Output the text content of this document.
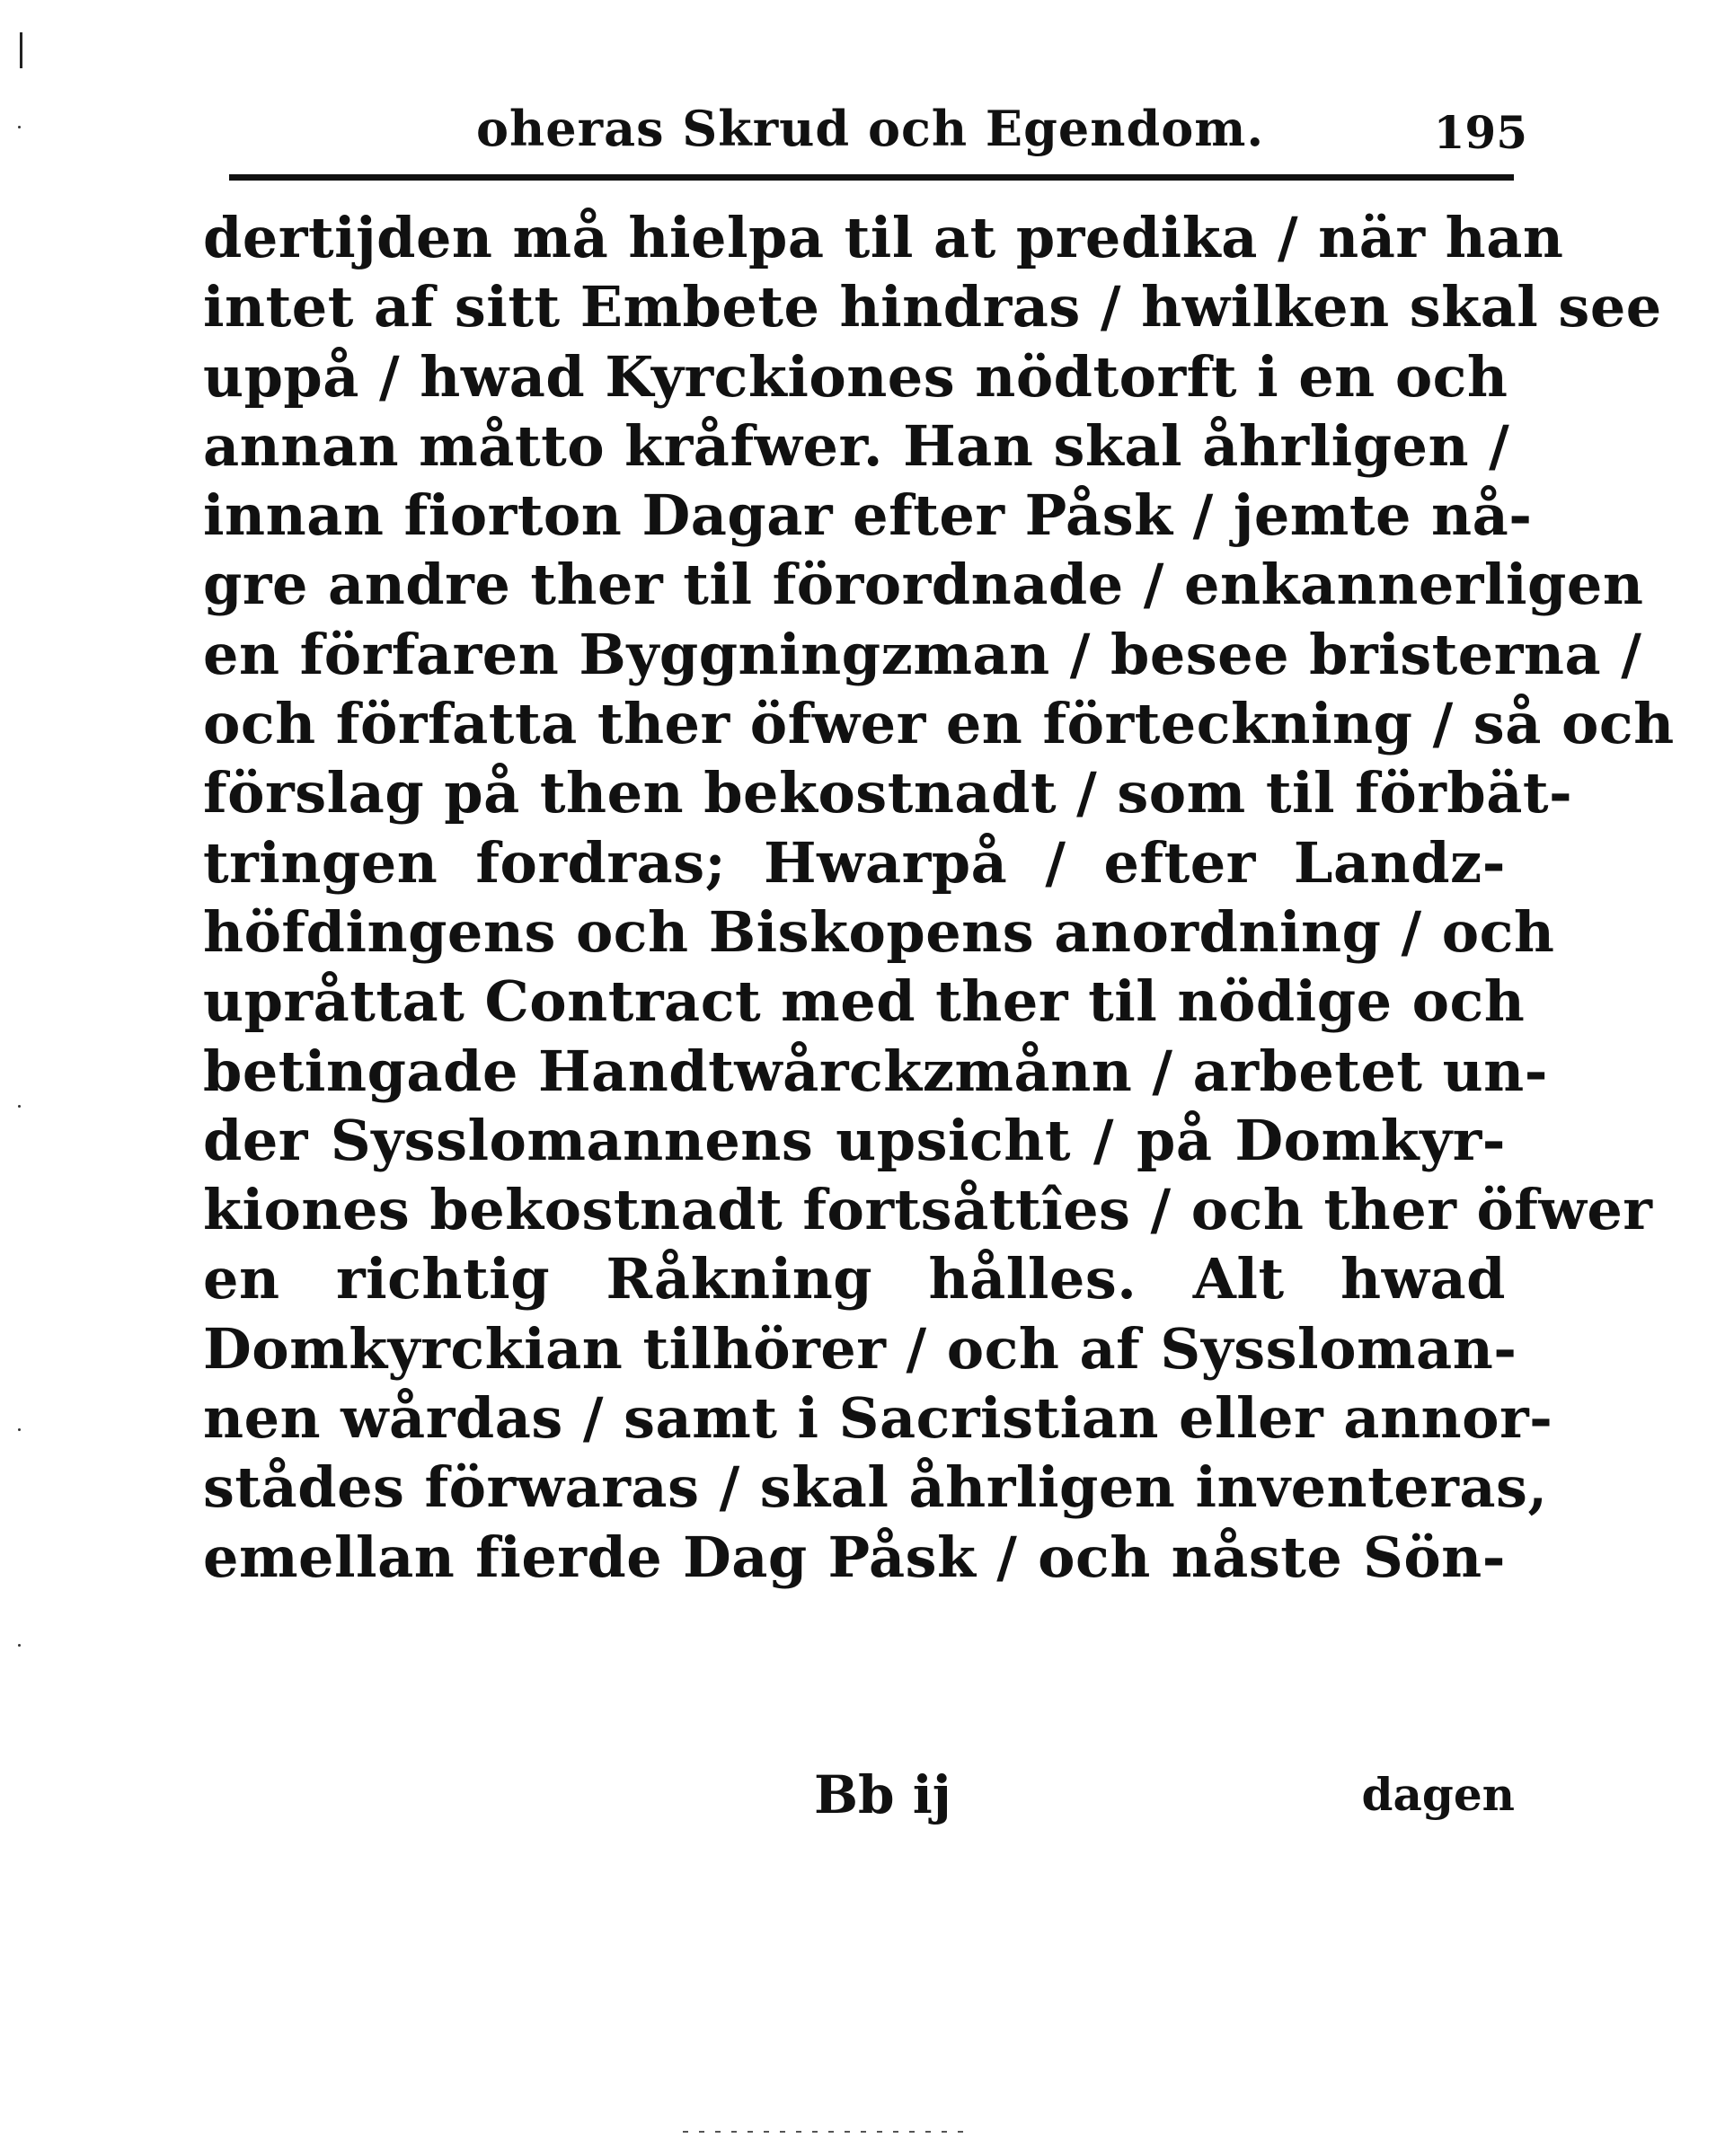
oheras Skrud och Egendom.	195
dertijden må hielpa til at predika / när han
intet af sitt Embete hindras / hwilken skal see
uppå / hwad Kyrckiones nödtorft i en och
annan måtto kråfwer. Han skal åhrligen /
innan fiorton Dagar efter Påsk / jemte nå-
gre andre ther til förordnade / enkannerligen
en förfaren Byggningzman / besee bristerna /
och författa ther öfwer en förteckning / så och
förslag på then bekostnadt / som til förbät-
tringen fordras; Hwarpå / efter Landz-
höfdingens och Biskopens anordning / och
upråttat Contract med ther til nödige och
betingade Handtwårckzmånn / arbetet un-
der Sysslomannens upsicht / på Domkyr-
kiones bekostnadt fortsåttîes / och ther öfwer
en richtig Råkning hålles. Alt hwad
Domkyrckian tilhörer / och af Syssloman-
nen wårdas / samt i Sacristian eller annor-
stådes förwaras / skal åhrligen inventeras,
emellan fierde Dag Påsk / och nåste Sön-
Bb ij	dagen
